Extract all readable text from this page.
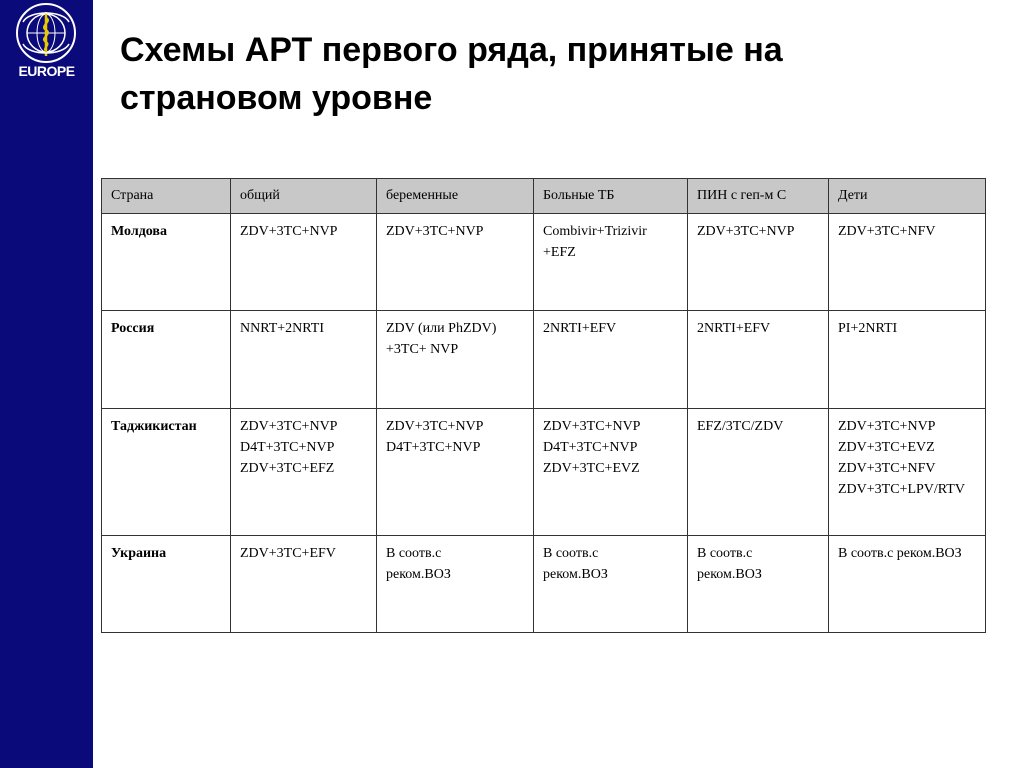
EUROPE
Схемы АРТ первого ряда, принятые на
страновом уровне
Страна	общий	беременные	Больные ТБ	ПИН с геп-м С	Дети
Молдова	ZDV+3TC+NVP	ZDV+3TC+NVP	Combivir+Trizivir
+EFZ	ZDV+3TC+NVP	ZDV+3TC+NFV

Россия	NNRT+2NRTI	ZDV (или PhZDV)
+3TC+ NVP	2NRTI+EFV	2NRTI+EFV	PI+2NRTI

Таджикистан	ZDV+3TC+NVP
D4T+3TC+NVP
ZDV+3TC+EFZ	ZDV+3TC+NVP
D4T+3TC+NVP	ZDV+3TC+NVP
D4T+3TC+NVP
ZDV+3TC+EVZ	EFZ/3TC/ZDV	ZDV+3TC+NVP
ZDV+3TC+EVZ
ZDV+3TC+NFV
ZDV+3TC+LPV/RTV

Украина	ZDV+3TC+EFV	В соотв.с
реком.ВОЗ	В соотв.с
реком.ВОЗ	В соотв.с
реком.ВОЗ	В соотв.с реком.ВОЗ
